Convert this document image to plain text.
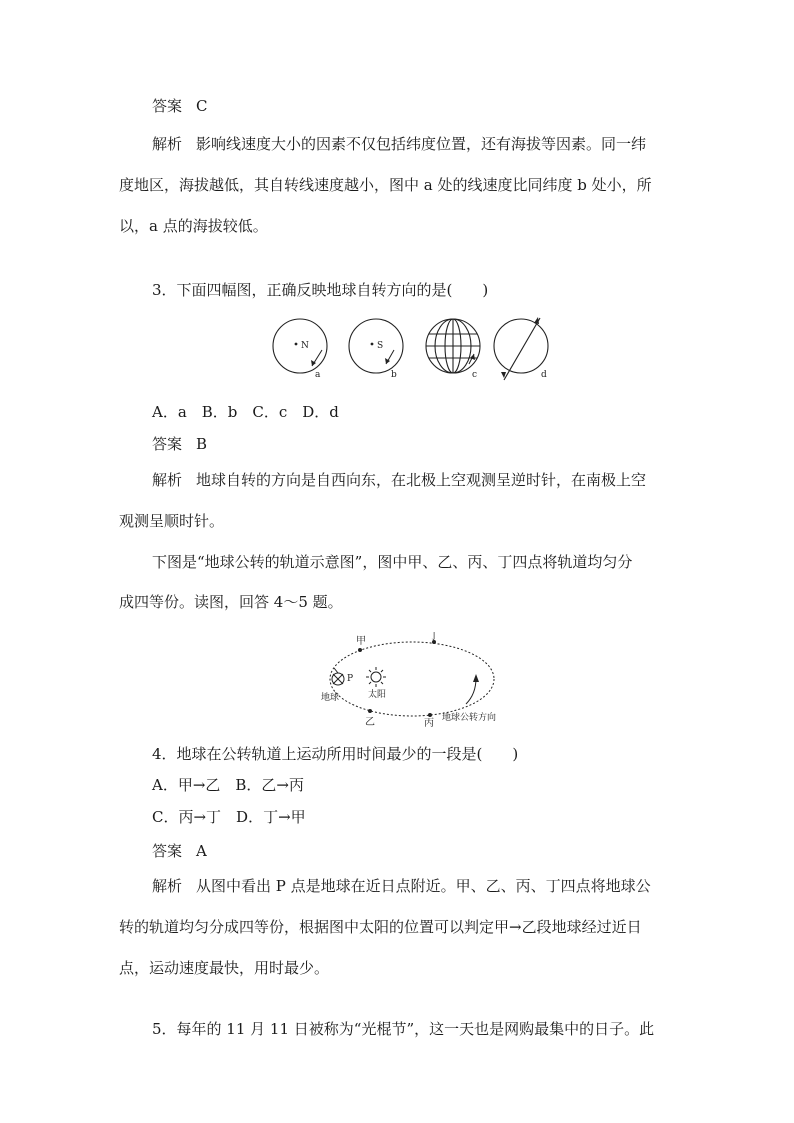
答案 C
解析 影响线速度大小的因素不仅包括纬度位置，还有海拔等因素。同一纬
度地区，海拔越低，其自转线速度越小，图中 a 处的线速度比同纬度 b 处小，所
以，a 点的海拔较低。
3．下面四幅图，正确反映地球自转方向的是(　　)
N	S
a	b	c	d
A．a　B．b　C．c　D．d
答案 B
解析 地球自转的方向是自西向东，在北极上空观测呈逆时针，在南极上空
观测呈顺时针。
下图是“地球公转的轨道示意图”，图中甲、乙、丙、丁四点将轨道均匀分
成四等份。读图，回答 4～5 题。
甲	丁
乙	丙
P
地球	太阳
地球公转方向
4．地球在公转轨道上运动所用时间最少的一段是(　　)
A．甲→乙　B．乙→丙
C．丙→丁　D．丁→甲
答案 A
解析 从图中看出 P 点是地球在近日点附近。甲、乙、丙、丁四点将地球公
转的轨道均匀分成四等份，根据图中太阳的位置可以判定甲→乙段地球经过近日
点，运动速度最快，用时最少。
5．每年的 11 月 11 日被称为“光棍节”，这一天也是网购最集中的日子。此
